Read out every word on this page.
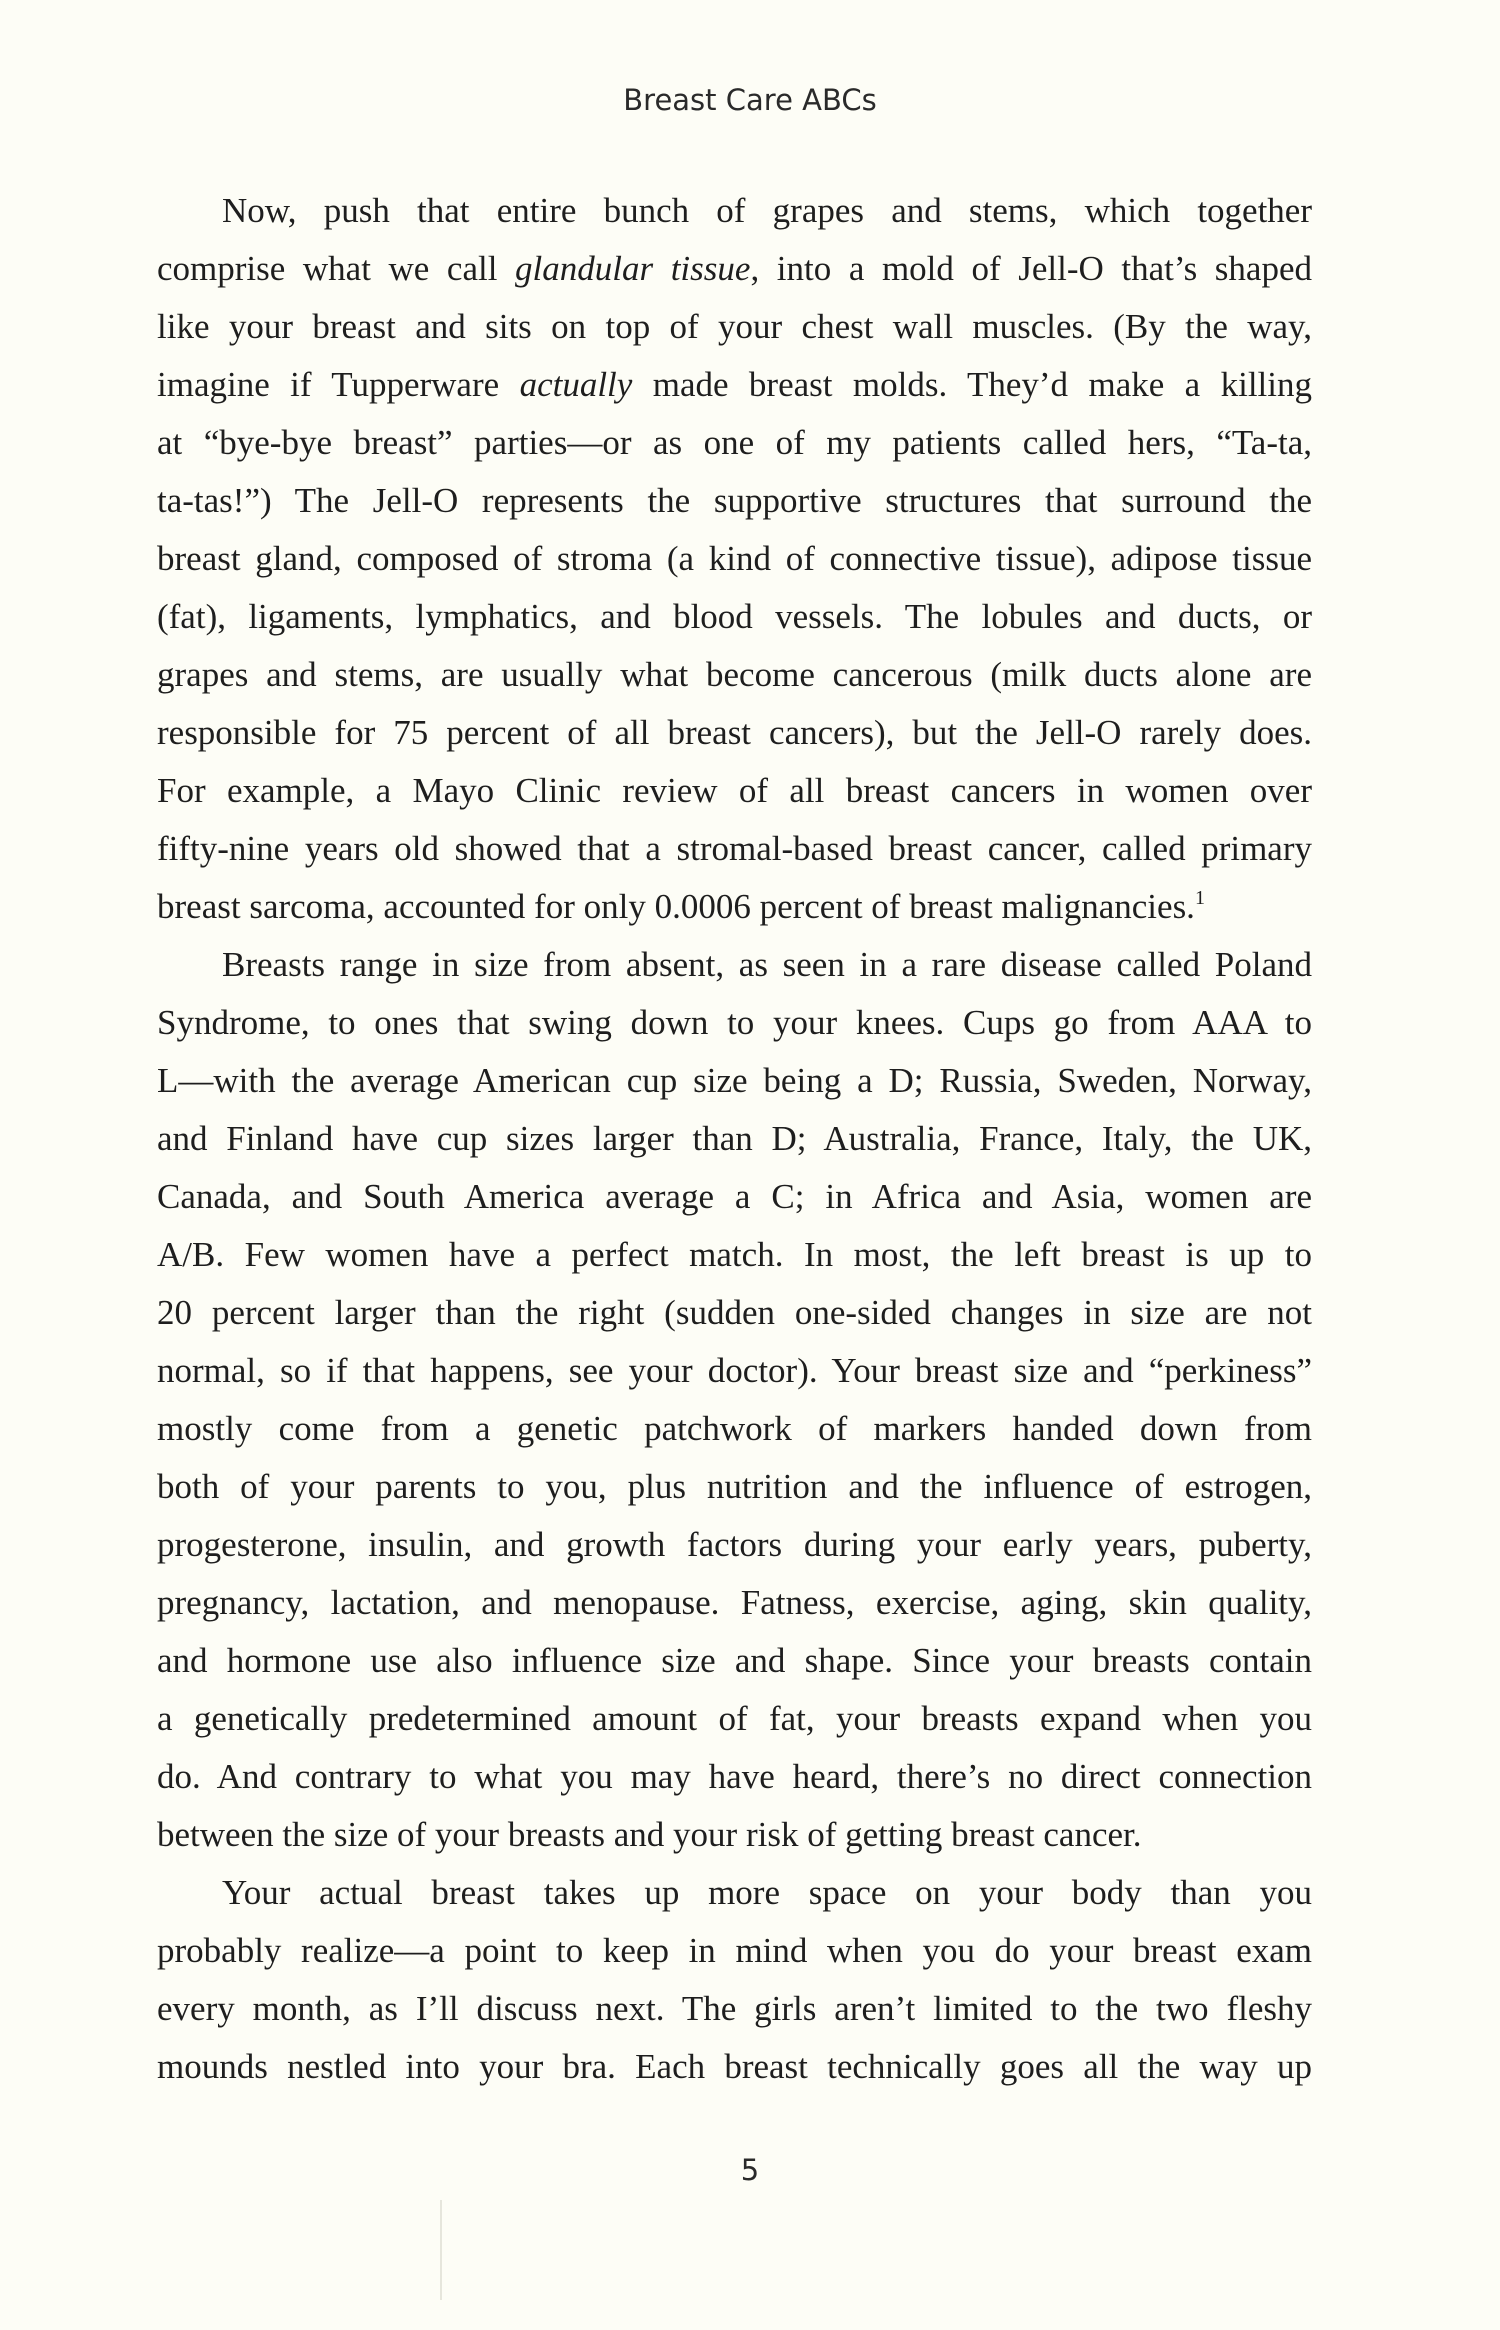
Breast Care ABCs
Now, push that entire bunch of grapes and stems, which together
comprise what we call glandular tissue, into a mold of Jell-O that’s shaped
like your breast and sits on top of your chest wall muscles. (By the way,
imagine if Tupperware actually made breast molds. They’d make a killing
at “bye-bye breast” parties—or as one of my patients called hers, “Ta-ta,
ta-tas!”) The Jell-O represents the supportive structures that surround the
breast gland, composed of stroma (a kind of connective tissue), adipose tissue
(fat), ligaments, lymphatics, and blood vessels. The lobules and ducts, or
grapes and stems, are usually what become cancerous (milk ducts alone are
responsible for 75 percent of all breast cancers), but the Jell-O rarely does.
For example, a Mayo Clinic review of all breast cancers in women over
fifty-nine years old showed that a stromal-based breast cancer, called primary
breast sarcoma, accounted for only 0.0006 percent of breast malignancies.$^1$
Breasts range in size from absent, as seen in a rare disease called Poland
Syndrome, to ones that swing down to your knees. Cups go from AAA to
L—with the average American cup size being a D; Russia, Sweden, Norway,
and Finland have cup sizes larger than D; Australia, France, Italy, the UK,
Canada, and South America average a C; in Africa and Asia, women are
A/B. Few women have a perfect match. In most, the left breast is up to
20 percent larger than the right (sudden one-sided changes in size are not
normal, so if that happens, see your doctor). Your breast size and “perkiness”
mostly come from a genetic patchwork of markers handed down from
both of your parents to you, plus nutrition and the influence of estrogen,
progesterone, insulin, and growth factors during your early years, puberty,
pregnancy, lactation, and menopause. Fatness, exercise, aging, skin quality,
and hormone use also influence size and shape. Since your breasts contain
a genetically predetermined amount of fat, your breasts expand when you
do. And contrary to what you may have heard, there’s no direct connection
between the size of your breasts and your risk of getting breast cancer.
Your actual breast takes up more space on your body than you
probably realize—a point to keep in mind when you do your breast exam
every month, as I’ll discuss next. The girls aren’t limited to the two fleshy
mounds nestled into your bra. Each breast technically goes all the way up
5
